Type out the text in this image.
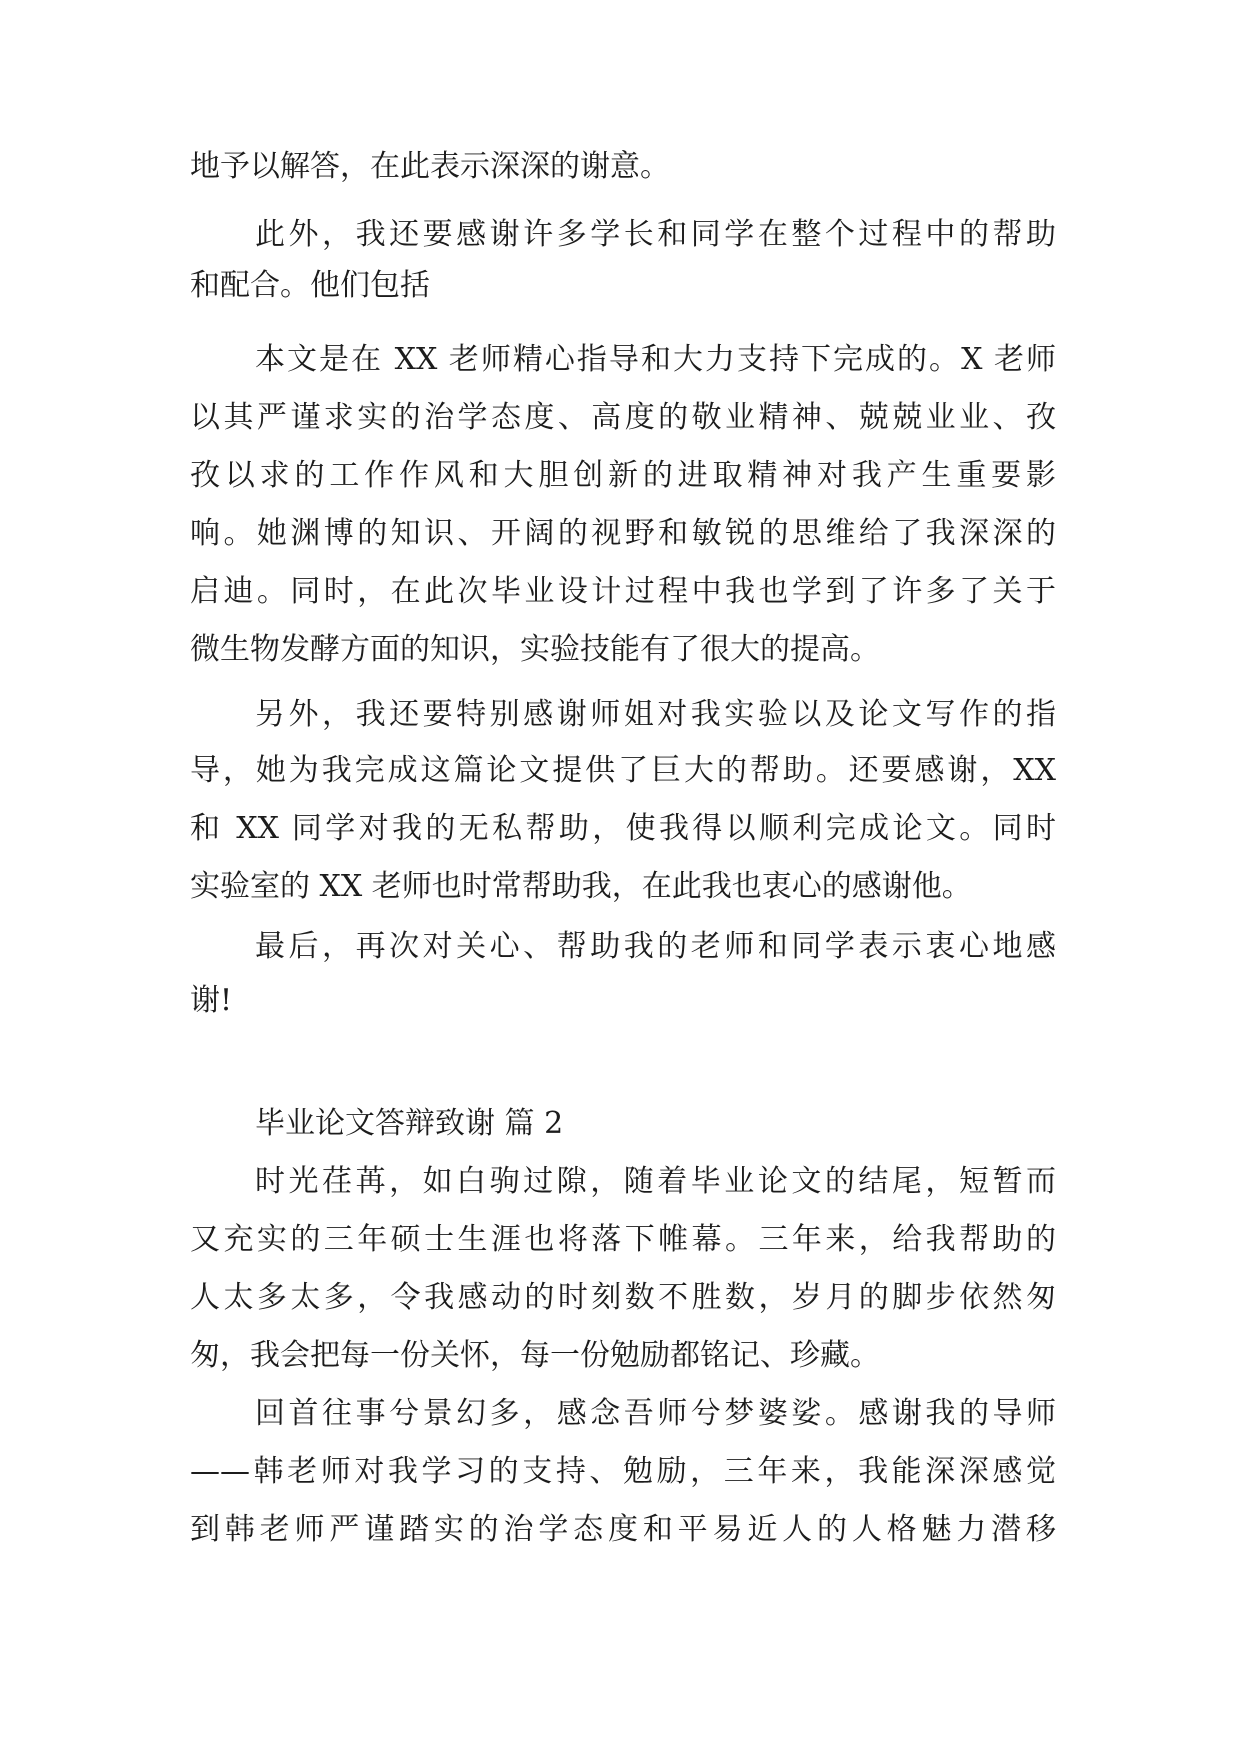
地予以解答，在此表示深深的谢意。
此外，我还要感谢许多学长和同学在整个过程中的帮助
和配合。他们包括
本文是在 XX 老师精心指导和大力支持下完成的。X 老师
以其严谨求实的治学态度、高度的敬业精神、兢兢业业、孜
孜以求的工作作风和大胆创新的进取精神对我产生重要影
响。她渊博的知识、开阔的视野和敏锐的思维给了我深深的
启迪。同时，在此次毕业设计过程中我也学到了许多了关于
微生物发酵方面的知识，实验技能有了很大的提高。
另外，我还要特别感谢师姐对我实验以及论文写作的指
导，她为我完成这篇论文提供了巨大的帮助。还要感谢，XX
和 XX 同学对我的无私帮助，使我得以顺利完成论文。同时
实验室的 XX 老师也时常帮助我，在此我也衷心的感谢他。
最后，再次对关心、帮助我的老师和同学表示衷心地感
谢!
毕业论文答辩致谢 篇 2
时光荏苒，如白驹过隙，随着毕业论文的结尾，短暂而
又充实的三年硕士生涯也将落下帷幕。三年来，给我帮助的
人太多太多，令我感动的时刻数不胜数，岁月的脚步依然匆
匆，我会把每一份关怀，每一份勉励都铭记、珍藏。
回首往事兮景幻多，感念吾师兮梦婆娑。感谢我的导师
——韩老师对我学习的支持、勉励，三年来，我能深深感觉
到韩老师严谨踏实的治学态度和平易近人的人格魅力潜移
